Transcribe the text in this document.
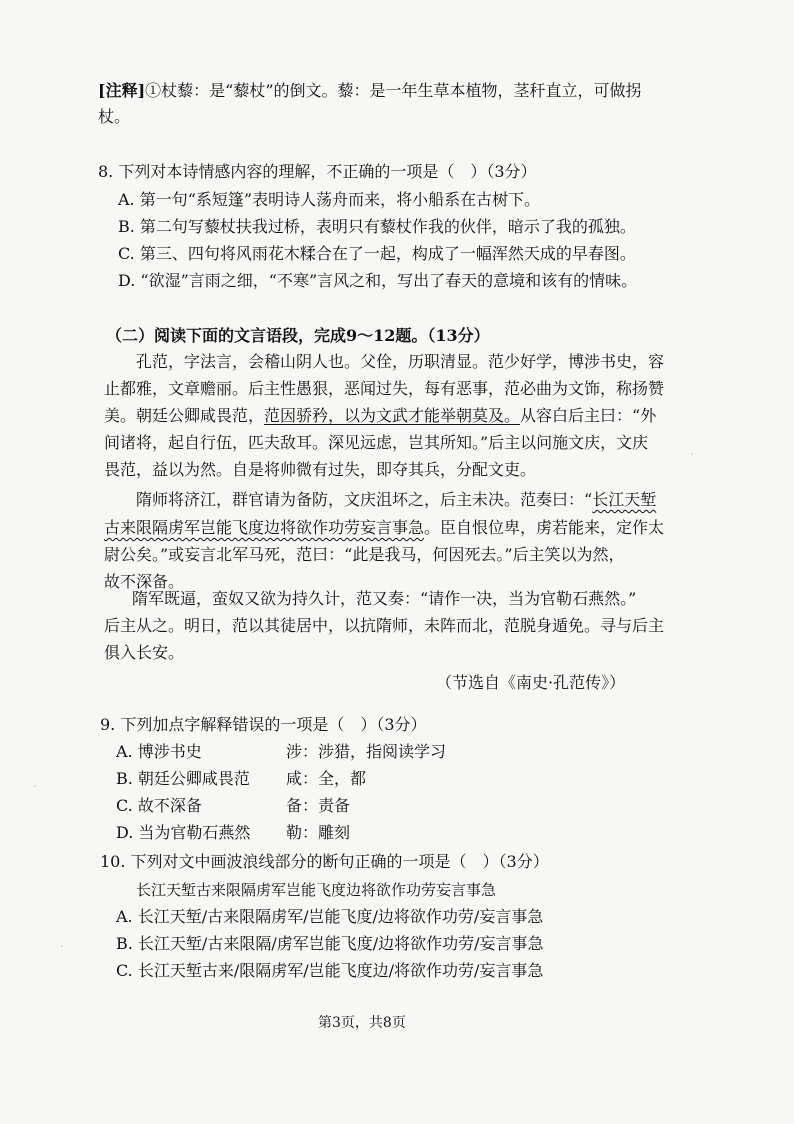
[注释]①杖藜：是“藜杖”的倒文。藜：是一年生草本植物，茎秆直立，可做拐
杖。
8. 下列对本诗情感内容的理解，不正确的一项是（　）（3分）
A. 第一句“系短篷”表明诗人荡舟而来，将小船系在古树下。
B. 第二句写藜杖扶我过桥，表明只有藜杖作我的伙伴，暗示了我的孤独。
C. 第三、四句将风雨花木糅合在了一起，构成了一幅浑然天成的早春图。
D. “欲湿”言雨之细，“不寒”言风之和，写出了春天的意境和该有的情味。
（二）阅读下面的文言语段，完成9～12题。（13分）
孔范，字法言，会稽山阴人也。父佺，历职清显。范少好学，博涉书史，容
止都雅，文章赡丽。后主性愚狠，恶闻过失，每有恶事，范必曲为文饰，称扬赞
美。朝廷公卿咸畏范，范因骄矜，以为文武才能举朝莫及。从容白后主曰：“外
间诸将，起自行伍，匹夫敌耳。深见远虑，岂其所知。”后主以问施文庆，文庆
畏范，益以为然。自是将帅微有过失，即夺其兵，分配文吏。
隋师将济江，群官请为备防，文庆沮坏之，后主未决。范奏曰：“长江天堑
古来限隔虏军岂能飞度边将欲作功劳妄言事急。臣自恨位卑，虏若能来，定作太
尉公矣。”或妄言北军马死，范曰：“此是我马，何因死去。”后主笑以为然，
故不深备。
隋军既逼，蛮奴又欲为持久计，范又奏：“请作一决，当为官勒石燕然。”
后主从之。明日，范以其徒居中，以抗隋师，未阵而北，范脱身遁免。寻与后主
俱入长安。
（节选自《南史·孔范传》）
9. 下列加点字解释错误的一项是（　）（3分）
A. 博涉书史	涉：涉猎，指阅读学习
B. 朝廷公卿咸畏范 咸：全，都
C. 故不深备	备：责备
D. 当为官勒石燕然 勒：雕刻
10. 下列对文中画波浪线部分的断句正确的一项是（　）（3分）
长江天堑古来限隔虏军岂能飞度边将欲作功劳妄言事急
A. 长江天堑/古来限隔虏军/岂能飞度/边将欲作功劳/妄言事急
B. 长江天堑/古来限隔/虏军岂能飞度/边将欲作功劳/妄言事急
C. 长江天堑古来/限隔虏军/岂能飞度边/将欲作功劳/妄言事急
第3页，共8页
·
·
·
